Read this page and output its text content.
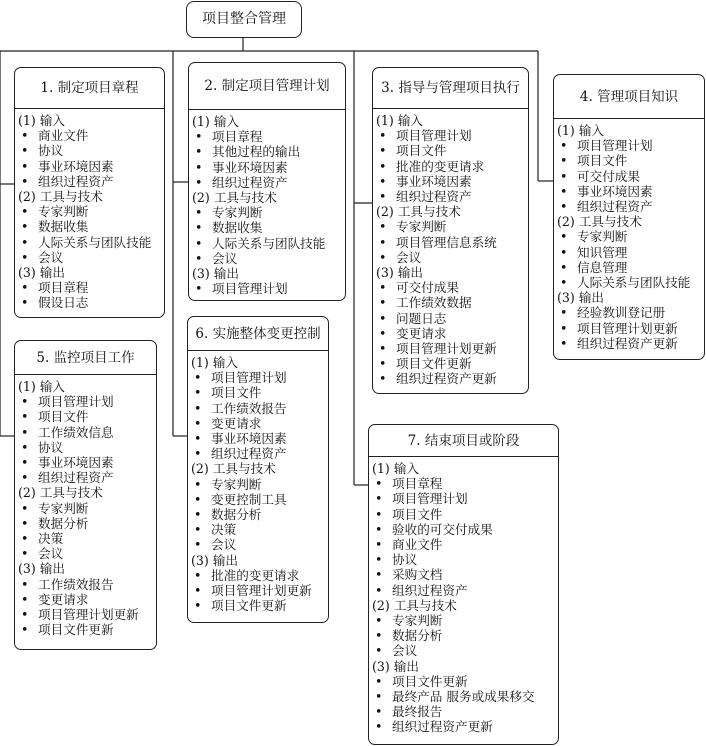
项目整合管理
1. 制定项目章程
(1) 输入
• 商业文件
• 协议
• 事业环境因素
• 组织过程资产
(2) 工具与技术
• 专家判断
• 数据收集
• 人际关系与团队技能
• 会议
(3) 输出
• 项目章程
• 假设日志
2. 制定项目管理计划
(1) 输入
• 项目章程
• 其他过程的输出
• 事业环境因素
• 组织过程资产
(2) 工具与技术
• 专家判断
• 数据收集
• 人际关系与团队技能
• 会议
(3) 输出
• 项目管理计划
3. 指导与管理项目执行
(1) 输入
• 项目管理计划
• 项目文件
• 批准的变更请求
• 事业环境因素
• 组织过程资产
(2) 工具与技术
• 专家判断
• 项目管理信息系统
• 会议
(3) 输出
• 可交付成果
• 工作绩效数据
• 问题日志
• 变更请求
• 项目管理计划更新
• 项目文件更新
• 组织过程资产更新
4. 管理项目知识
(1) 输入
• 项目管理计划
• 项目文件
• 可交付成果
• 事业环境因素
• 组织过程资产
(2) 工具与技术
• 专家判断
• 知识管理
• 信息管理
• 人际关系与团队技能
(3) 输出
• 经验教训登记册
• 项目管理计划更新
• 组织过程资产更新
5. 监控项目工作
(1) 输入
• 项目管理计划
• 项目文件
• 工作绩效信息
• 协议
• 事业环境因素
• 组织过程资产
(2) 工具与技术
• 专家判断
• 数据分析
• 决策
• 会议
(3) 输出
• 工作绩效报告
• 变更请求
• 项目管理计划更新
• 项目文件更新
6. 实施整体变更控制
(1) 输入
• 项目管理计划
• 项目文件
• 工作绩效报告
• 变更请求
• 事业环境因素
• 组织过程资产
(2) 工具与技术
• 专家判断
• 变更控制工具
• 数据分析
• 决策
• 会议
(3) 输出
• 批准的变更请求
• 项目管理计划更新
• 项目文件更新
7. 结束项目或阶段
(1) 输入
• 项目章程
• 项目管理计划
• 项目文件
• 验收的可交付成果
• 商业文件
• 协议
• 采购文档
• 组织过程资产
(2) 工具与技术
• 专家判断
• 数据分析
• 会议
(3) 输出
• 项目文件更新
• 最终产品 服务或成果移交
• 最终报告
• 组织过程资产更新
